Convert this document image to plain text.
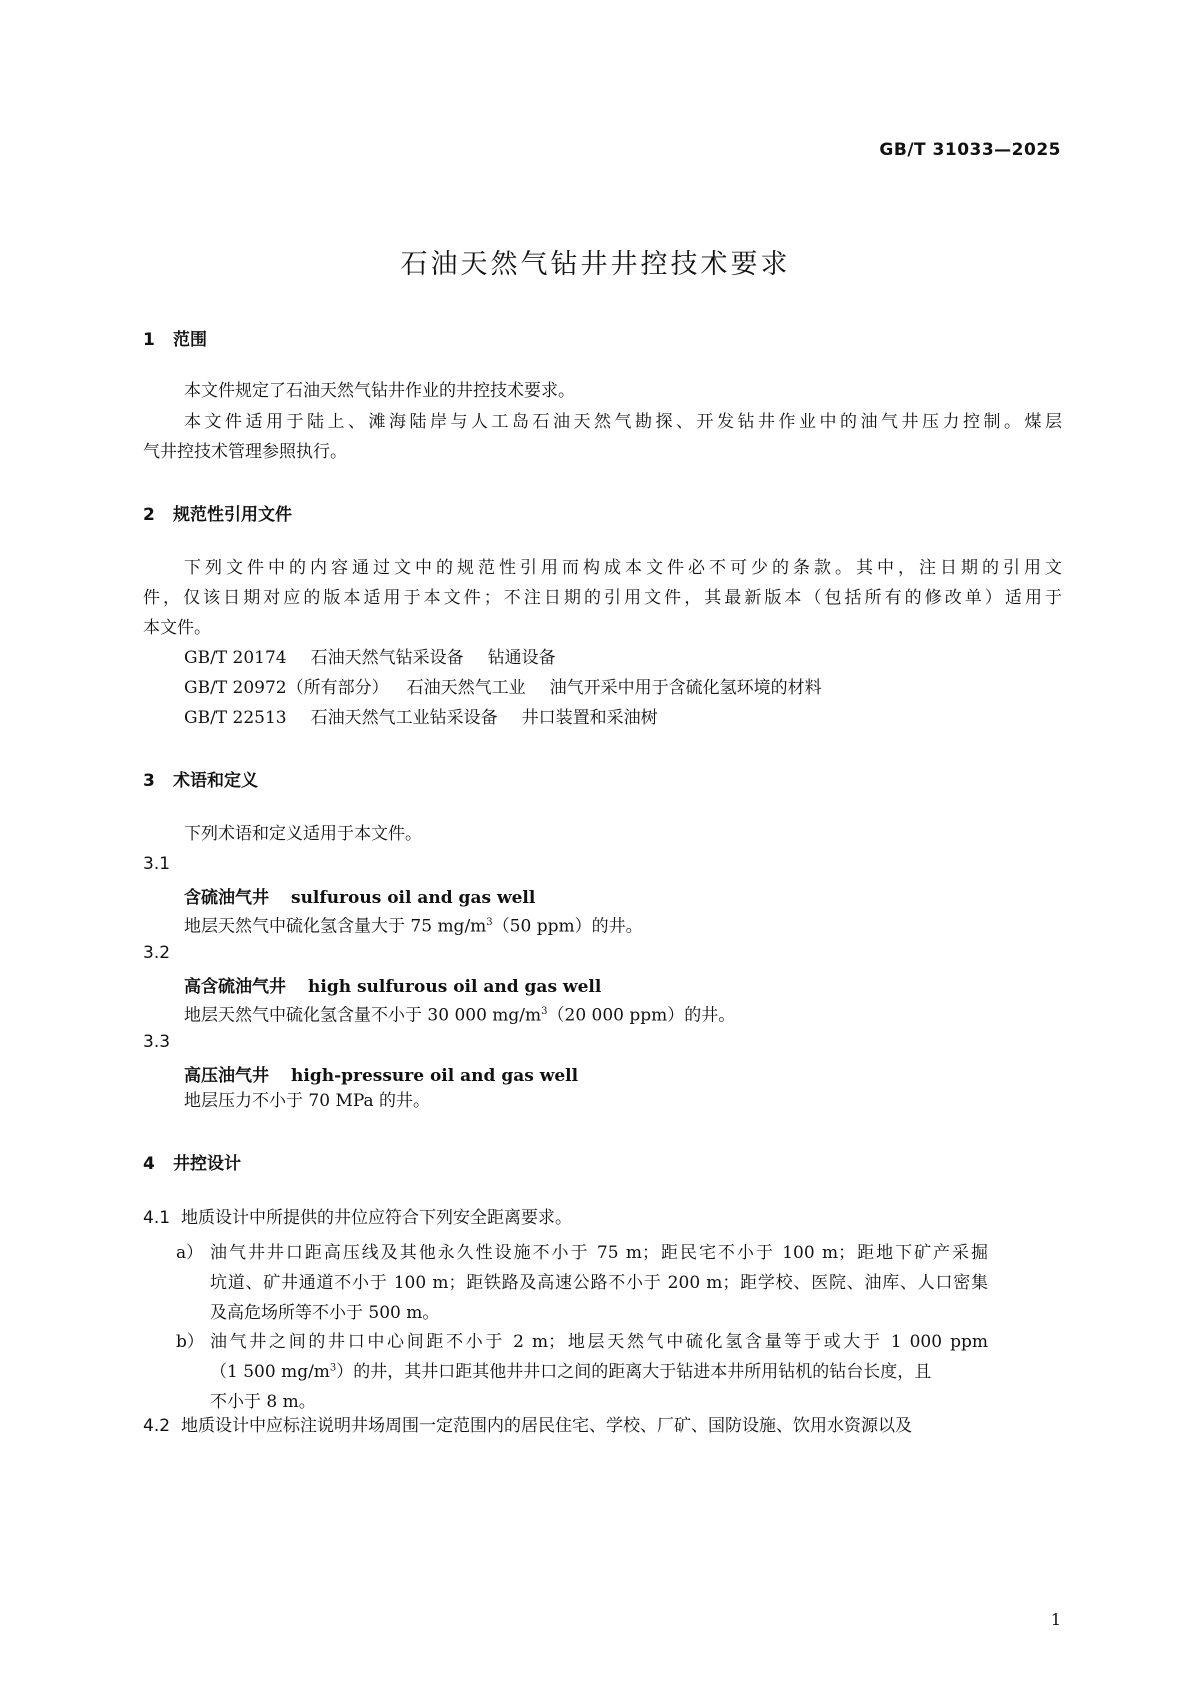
GB/T 31033—2025
石油天然气钻井井控技术要求
1 范围
本文件规定了石油天然气钻井作业的井控技术要求。
本文件适用于陆上、滩海陆岸与人工岛石油天然气勘探、开发钻井作业中的油气井压力控制。煤层
气井控技术管理参照执行。
2 规范性引用文件
下列文件中的内容通过文中的规范性引用而构成本文件必不可少的条款。其中，注日期的引用文
件，仅该日期对应的版本适用于本文件；不注日期的引用文件，其最新版本（包括所有的修改单）适用于
本文件。
GB/T 20174 石油天然气钻采设备 钻通设备
GB/T 20972（所有部分） 石油天然气工业 油气开采中用于含硫化氢环境的材料
GB/T 22513 石油天然气工业钻采设备 井口装置和采油树
3 术语和定义
下列术语和定义适用于本文件。
3.1
含硫油气井 sulfurous oil and gas well
地层天然气中硫化氢含量大于 75 $mg/m^3(50$ ppm）的井。
3.2
高含硫油气井 high sulfurous oil and gas well
地层天然气中硫化氢含量不小于 30 000 $mg/m^3(20$ 000 ppm）的井。
3.3
高压油气井 high-pressure oil and gas well
地层压力不小于 70 MPa 的井。
4 井控设计
4.1 地质设计中所提供的井位应符合下列安全距离要求。
a） 油气井井口距高压线及其他永久性设施不小于 75 m；距民宅不小于 100 m；距地下矿产采掘
坑道、矿井通道不小于 100 m；距铁路及高速公路不小于 200 m；距学校、医院、油库、人口密集
及高危场所等不小于 500 m。
b） 油气井之间的井口中心间距不小于 2 m；地层天然气中硫化氢含量等于或大于 1 000 ppm
（1 500 $mg/m^3$）的井，其井口距其他井井口之间的距离大于钻进本井所用钻机的钻台长度，且
不小于 8 m。
4.2 地质设计中应标注说明井场周围一定范围内的居民住宅、学校、厂矿、国防设施、饮用水资源以及
1
